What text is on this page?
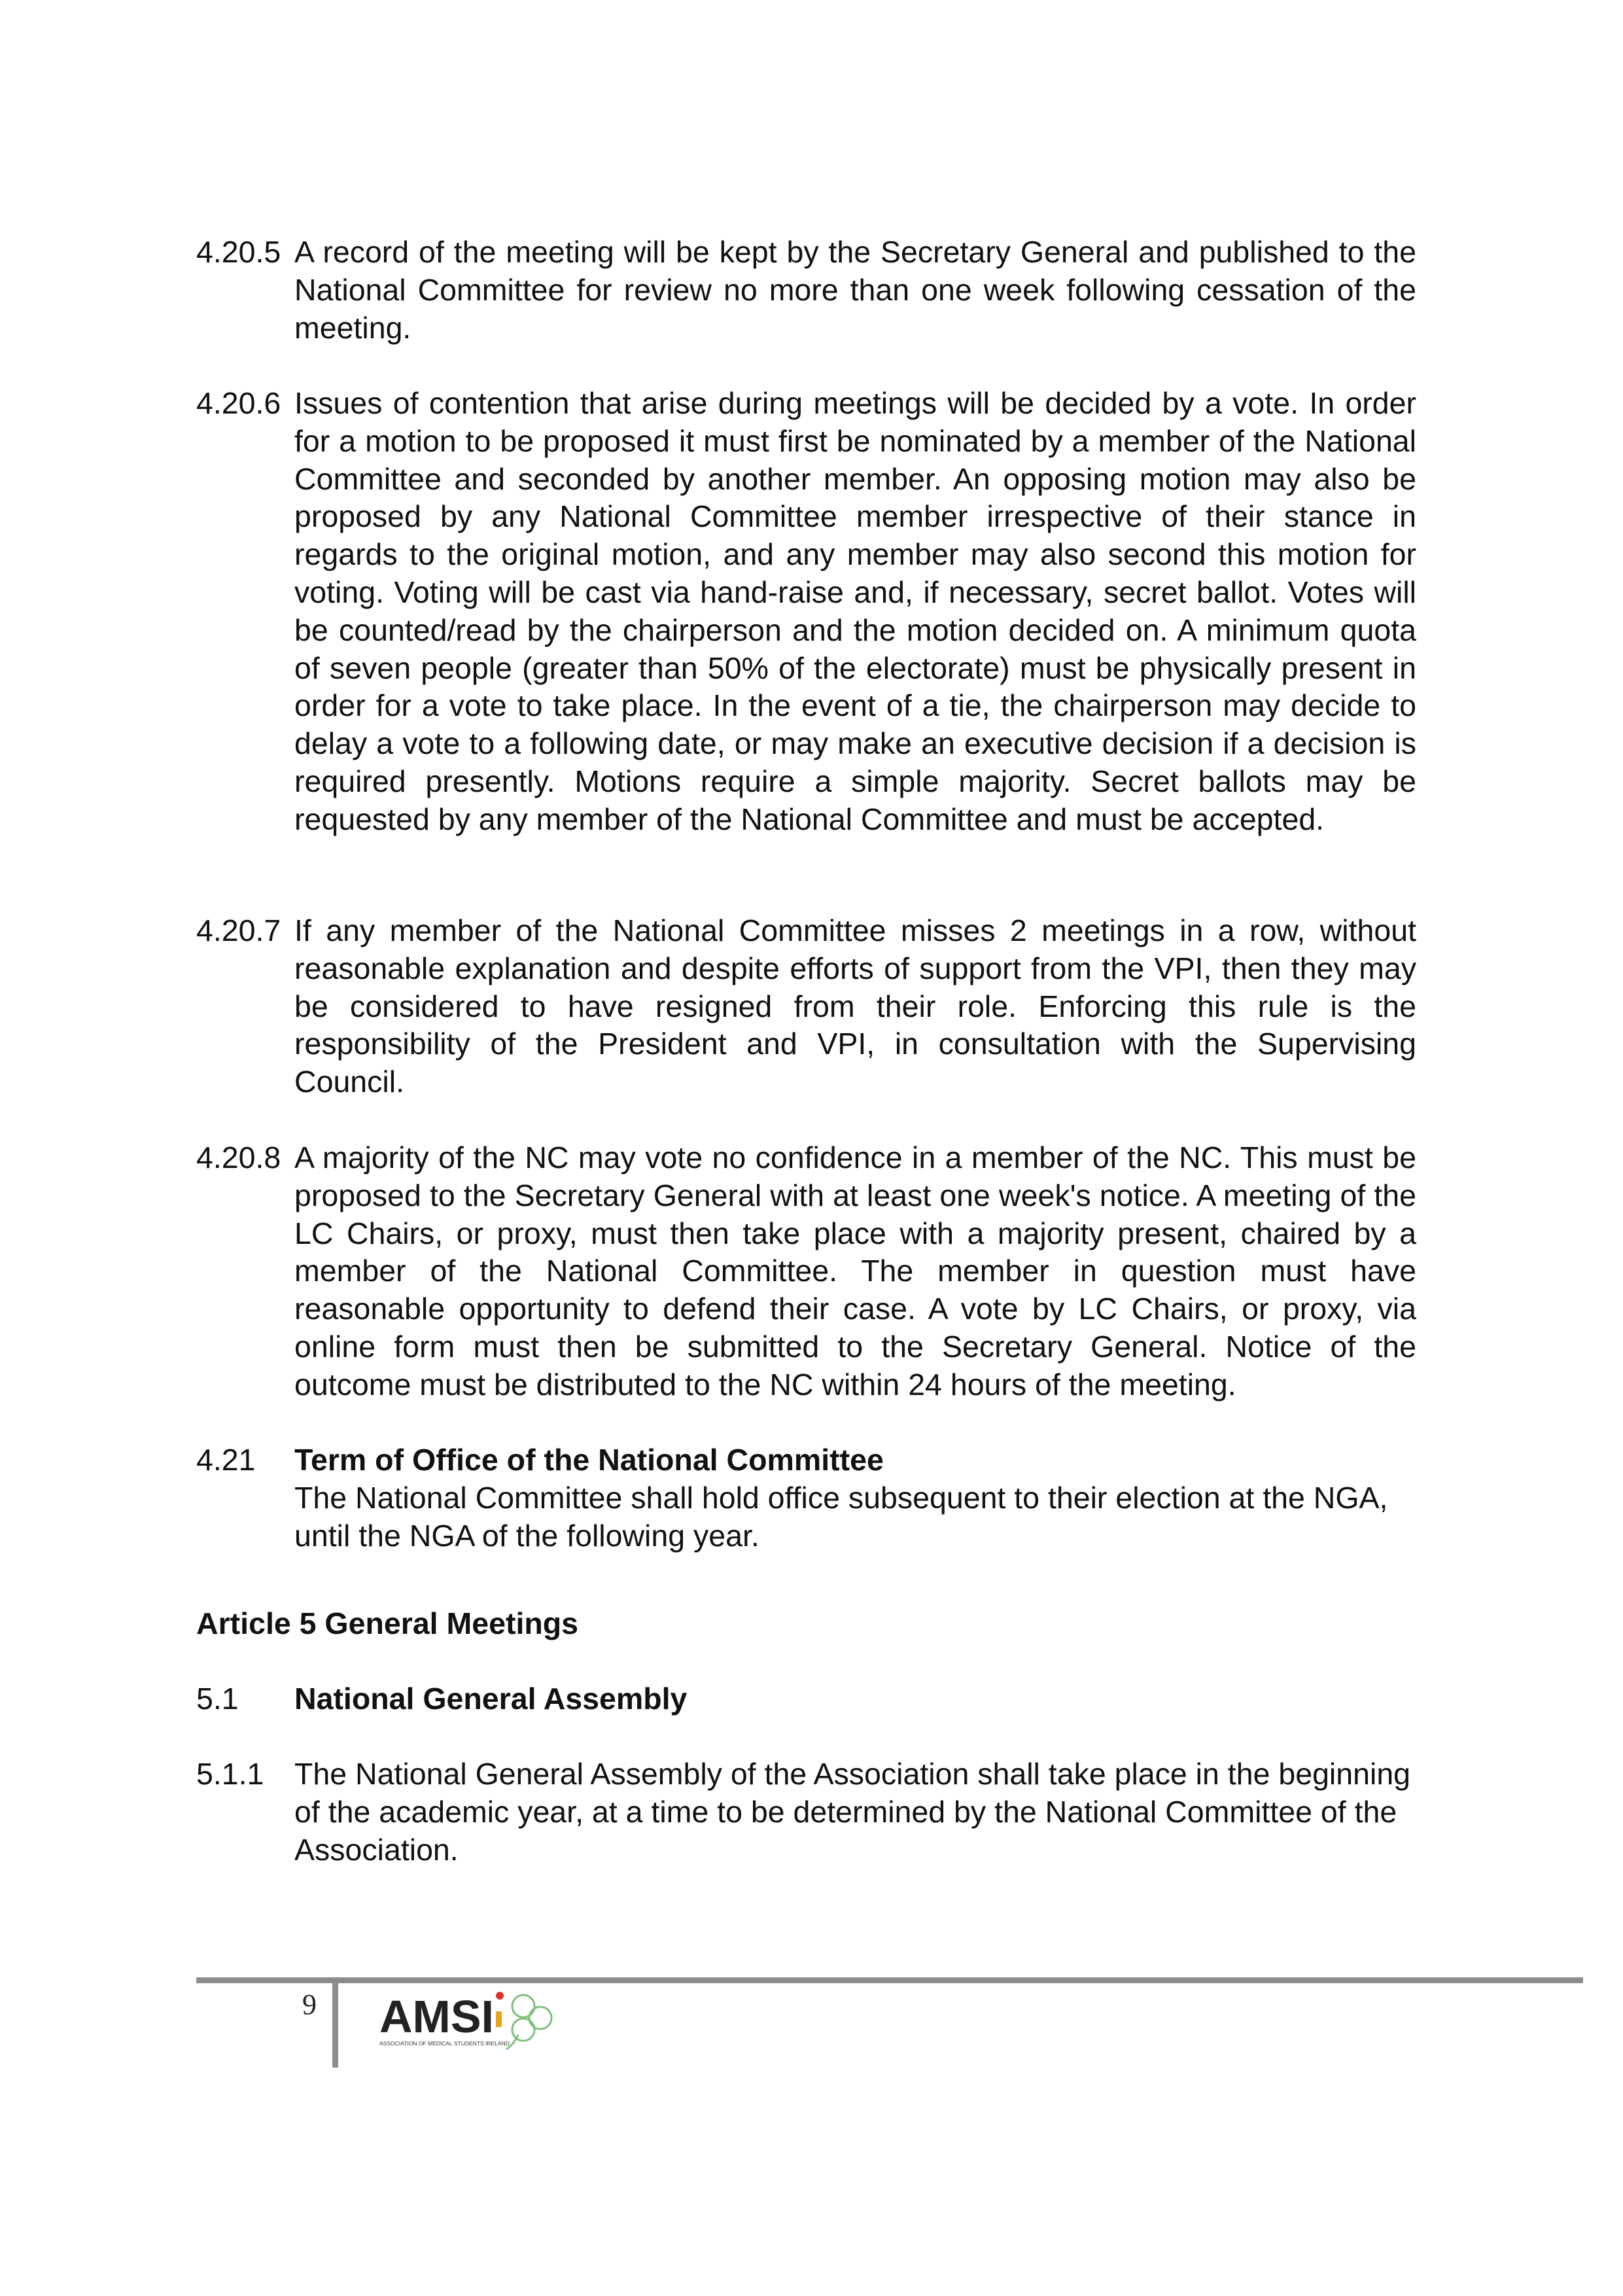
4.20.5 A record of the meeting will be kept by the Secretary General and published to the National Committee for review no more than one week following cessation of the meeting.
4.20.6 Issues of contention that arise during meetings will be decided by a vote. In order for a motion to be proposed it must first be nominated by a member of the National Committee and seconded by another member. An opposing motion may also be proposed by any National Committee member irrespective of their stance in regards to the original motion, and any member may also second this motion for voting. Voting will be cast via hand-raise and, if necessary, secret ballot. Votes will be counted/read by the chairperson and the motion decided on. A minimum quota of seven people (greater than 50% of the electorate) must be physically present in order for a vote to take place. In the event of a tie, the chairperson may decide to delay a vote to a following date, or may make an executive decision if a decision is required presently. Motions require a simple majority. Secret ballots may be requested by any member of the National Committee and must be accepted.
4.20.7 If any member of the National Committee misses 2 meetings in a row, without reasonable explanation and despite efforts of support from the VPI, then they may be considered to have resigned from their role. Enforcing this rule is the responsibility of the President and VPI, in consultation with the Supervising Council.
4.20.8 A majority of the NC may vote no confidence in a member of the NC. This must be proposed to the Secretary General with at least one week's notice. A meeting of the LC Chairs, or proxy, must then take place with a majority present, chaired by a member of the National Committee. The member in question must have reasonable opportunity to defend their case. A vote by LC Chairs, or proxy, via online form must then be submitted to the Secretary General. Notice of the outcome must be distributed to the NC within 24 hours of the meeting.
4.21 Term of Office of the National Committee
The National Committee shall hold office subsequent to their election at the NGA, until the NGA of the following year.
Article 5 General Meetings
5.1 National General Assembly
5.1.1 The National General Assembly of the Association shall take place in the beginning of the academic year, at a time to be determined by the National Committee of the Association.
9 AMSI
ASSOCIATION OF MEDICAL STUDENTS IRELAND
